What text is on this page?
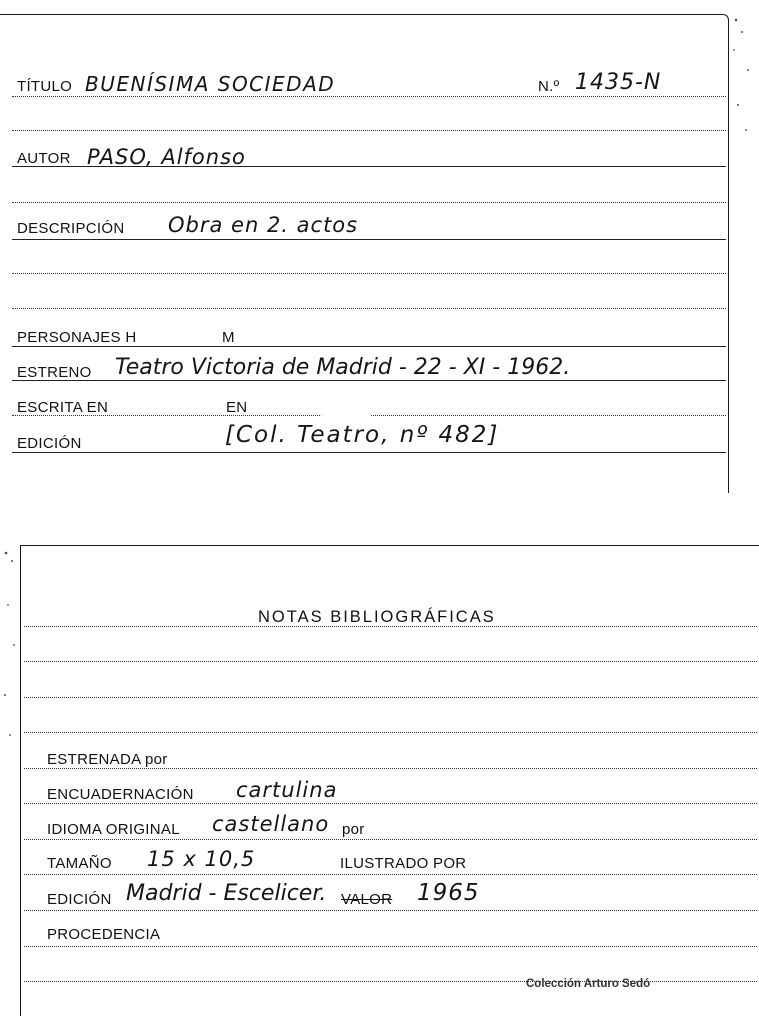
TÍTULO BUENÍSIMA SOCIEDAD	N.º 1435-N
AUTOR PASO, Alfonso
DESCRIPCIÓN Obra en 2. actos
PERSONAJES H	M
ESTRENO Teatro Victoria de Madrid - 22 - XI - 1962.
ESCRITA EN	EN
EDICIÓN	[Col. Teatro, nº 482]
NOTAS BIBLIOGRÁFICAS
ESTRENADA por
ENCUADERNACIÓN cartulina
IDIOMA ORIGINAL castellano por
TAMAÑO 15 x 10,5	ILUSTRADO POR
EDICIÓN Madrid - Escelicer. VALOR 1965
PROCEDENCIA
Colección Arturo Sedó
